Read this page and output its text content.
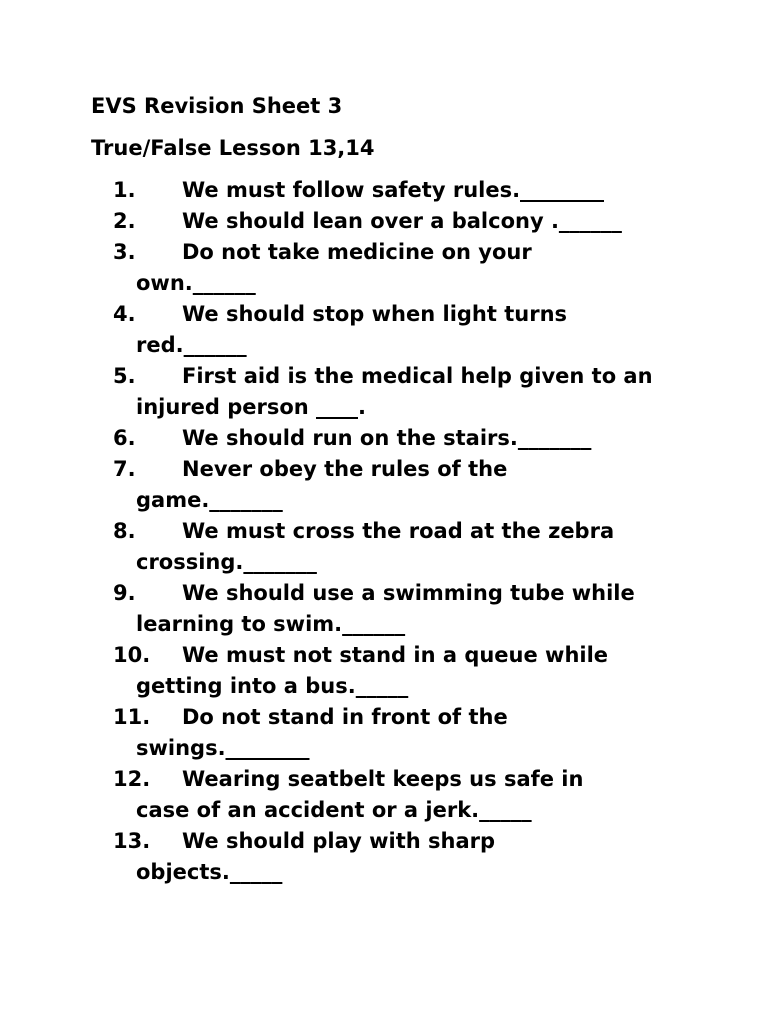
EVS Revision Sheet 3
True/False Lesson 13,14
1. We must follow safety rules.________
2. We should lean over a balcony .______
3. Do not take medicine on your own.______
4. We should stop when light turns red.______
5. First aid is the medical help given to an injured person ____.
6. We should run on the stairs._______
7. Never obey the rules of the game._______
8. We must cross the road at the zebra crossing._______
9. We should use a swimming tube while learning to swim.______
10. We must not stand in a queue while getting into a bus._____
11. Do not stand in front of the swings.________
12. Wearing seatbelt keeps us safe in case of an accident or a jerk._____
13. We should play with sharp objects._____
